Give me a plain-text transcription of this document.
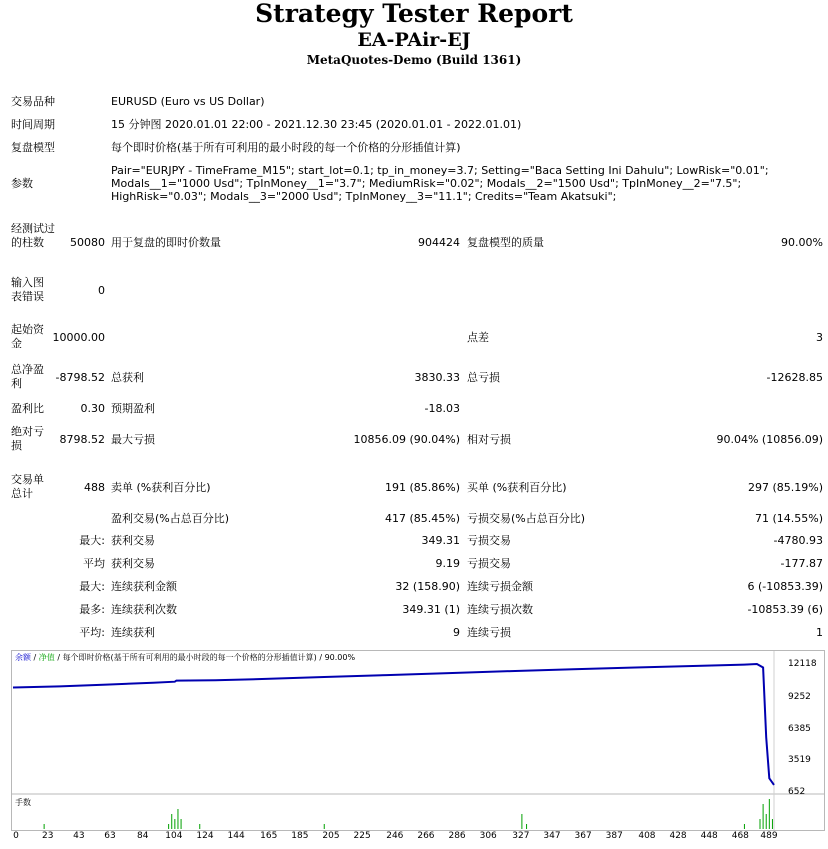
Strategy Tester Report
EA-PAir-EJ
MetaQuotes-Demo (Build 1361)
交易品种	EURUSD (Euro vs US Dollar)
时间周期	15 分钟图 2020.01.01 22:00 - 2021.12.30 23:45 (2020.01.01 - 2022.01.01)
复盘模型	每个即时价格(基于所有可利用的最小时段的每一个价格的分形插值计算)
参数
Pair="EURJPY - TimeFrame_M15"; start_lot=0.1; tp_in_money=3.7; Setting="Baca Setting Ini Dahulu"; LowRisk="0.01";
Modals__1="1000 Usd"; TpInMoney__1="3.7"; MediumRisk="0.02"; Modals__2="1500 Usd"; TpInMoney__2="7.5";
HighRisk="0.03"; Modals__3="2000 Usd"; TpInMoney__3="11.1"; Credits="Team Akatsuki";
经测试过的柱数	50080 用于复盘的即时价数量	904424 复盘模型的质量	90.00%
输入图表错误	0
起始资金	10000.00	点差	3
总净盈利	-8798.52 总获利	3830.33 总亏损	-12628.85
盈利比	0.30 预期盈利	-18.03
绝对亏损	8798.52 最大亏损	10856.09 (90.04%) 相对亏损	90.04% (10856.09)
交易单总计	488 卖单 (%获利百分比)	191 (85.86%) 买单 (%获利百分比)	297 (85.19%)
盈利交易(%占总百分比)	417 (85.45%) 亏损交易(%占总百分比)	71 (14.55%)
最大: 获利交易	349.31 亏损交易	-4780.93
平均 获利交易	9.19 亏损交易	-177.87
最大: 连续获利金额	32 (158.90) 连续亏损金额	6 (-10853.39)
最多: 连续获利次数	349.31 (1) 连续亏损次数	-10853.39 (6)
平均: 连续获利	9 连续亏损	1
余额 / 净值 / 每个即时价格(基于所有可利用的最小时段的每一个价格的分形插值计算) / 90.00%
手数
12118
9252
6385
3519
652
0	23	43	63	84	104	124	144	165	185	205	225	246	266	286	306	327	347	367	387	408	428	448	468	489
